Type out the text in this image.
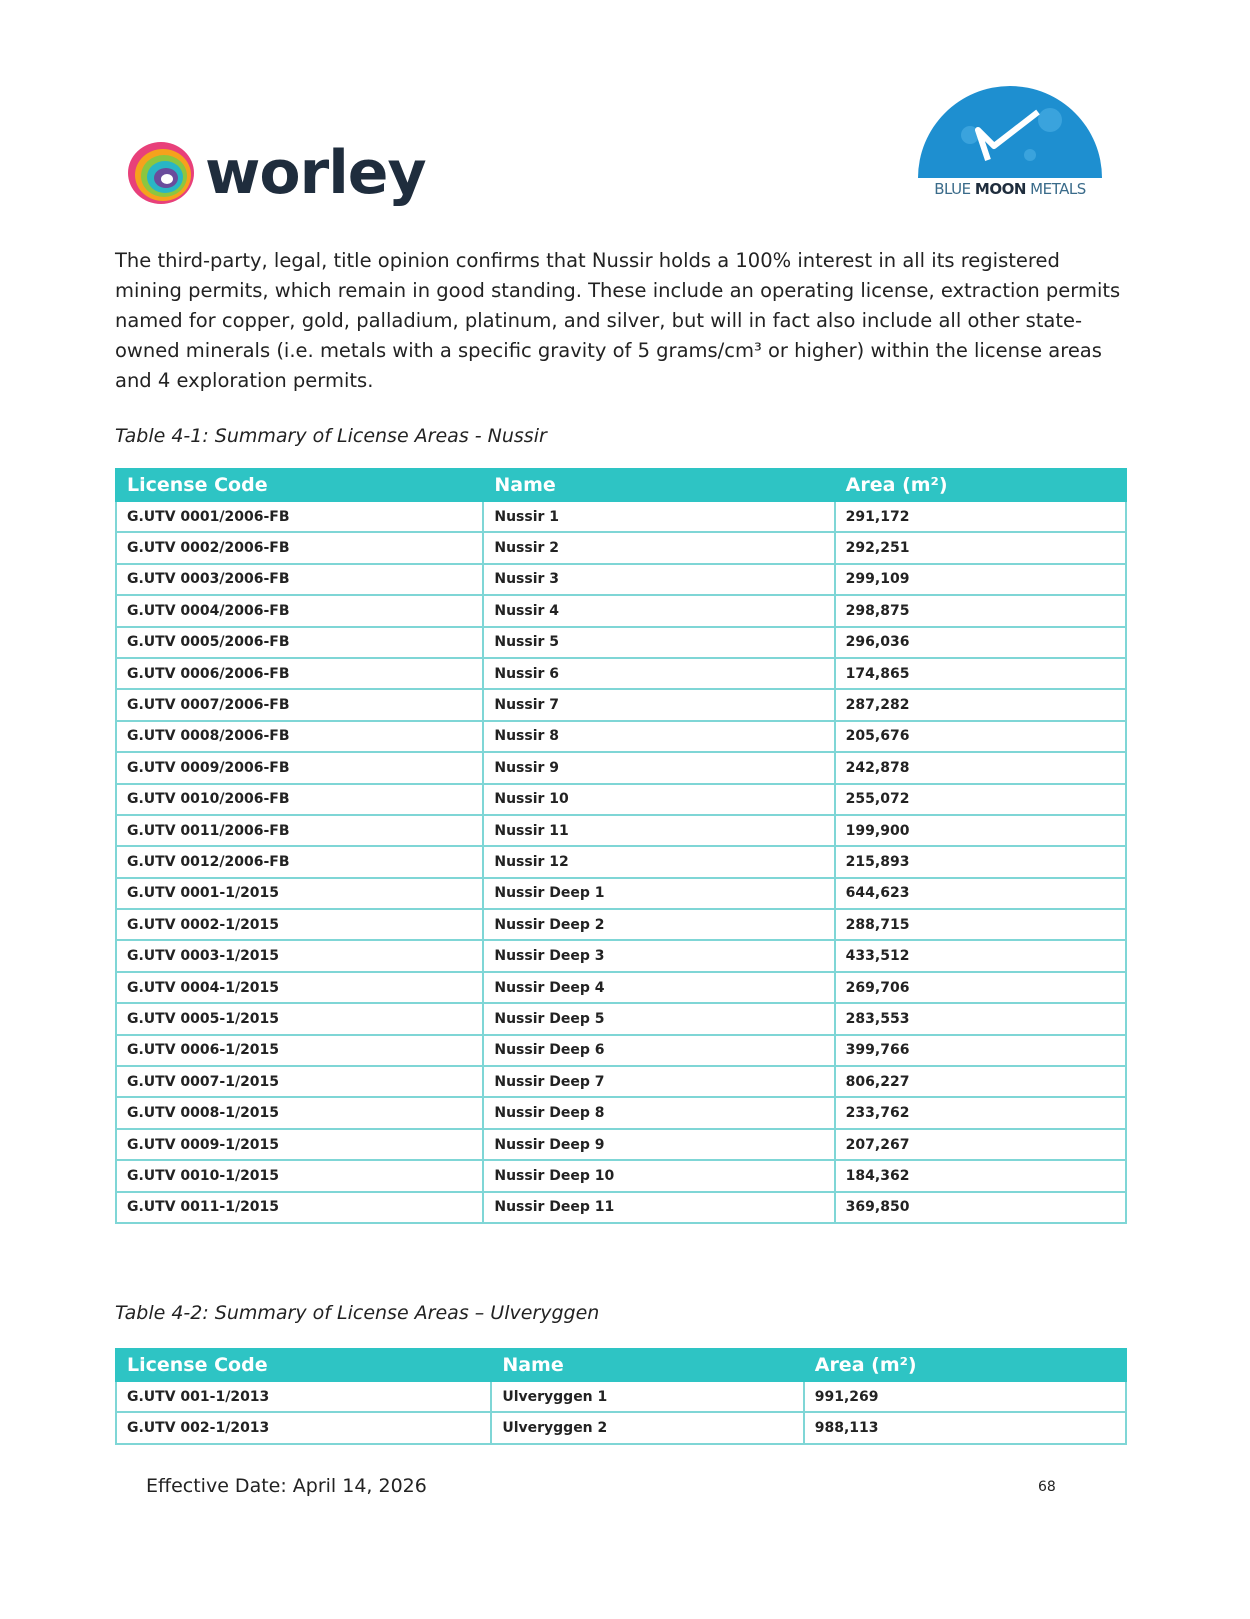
worley	BLUE MOON METALS
The third-party, legal, title opinion confirms that Nussir holds a 100% interest in all its registered mining permits, which remain in good standing. These include an operating license, extraction permits named for copper, gold, palladium, platinum, and silver, but will in fact also include all other state-owned minerals (i.e. metals with a specific gravity of 5 grams/cm³ or higher) within the license areas and 4 exploration permits.
Table 4-1: Summary of License Areas - Nussir
License Code	Name	Area (m²)
G.UTV 0001/2006-FB	Nussir 1	291,172
G.UTV 0002/2006-FB	Nussir 2	292,251
G.UTV 0003/2006-FB	Nussir 3	299,109
G.UTV 0004/2006-FB	Nussir 4	298,875
G.UTV 0005/2006-FB	Nussir 5	296,036
G.UTV 0006/2006-FB	Nussir 6	174,865
G.UTV 0007/2006-FB	Nussir 7	287,282
G.UTV 0008/2006-FB	Nussir 8	205,676
G.UTV 0009/2006-FB	Nussir 9	242,878
G.UTV 0010/2006-FB	Nussir 10	255,072
G.UTV 0011/2006-FB	Nussir 11	199,900
G.UTV 0012/2006-FB	Nussir 12	215,893
G.UTV 0001-1/2015	Nussir Deep 1	644,623
G.UTV 0002-1/2015	Nussir Deep 2	288,715
G.UTV 0003-1/2015	Nussir Deep 3	433,512
G.UTV 0004-1/2015	Nussir Deep 4	269,706
G.UTV 0005-1/2015	Nussir Deep 5	283,553
G.UTV 0006-1/2015	Nussir Deep 6	399,766
G.UTV 0007-1/2015	Nussir Deep 7	806,227
G.UTV 0008-1/2015	Nussir Deep 8	233,762
G.UTV 0009-1/2015	Nussir Deep 9	207,267
G.UTV 0010-1/2015	Nussir Deep 10	184,362
G.UTV 0011-1/2015	Nussir Deep 11	369,850
Table 4-2: Summary of License Areas – Ulveryggen
License Code	Name	Area (m²)
G.UTV 001-1/2013	Ulveryggen 1	991,269
G.UTV 002-1/2013	Ulveryggen 2	988,113
Effective Date: April 14, 2026	68
